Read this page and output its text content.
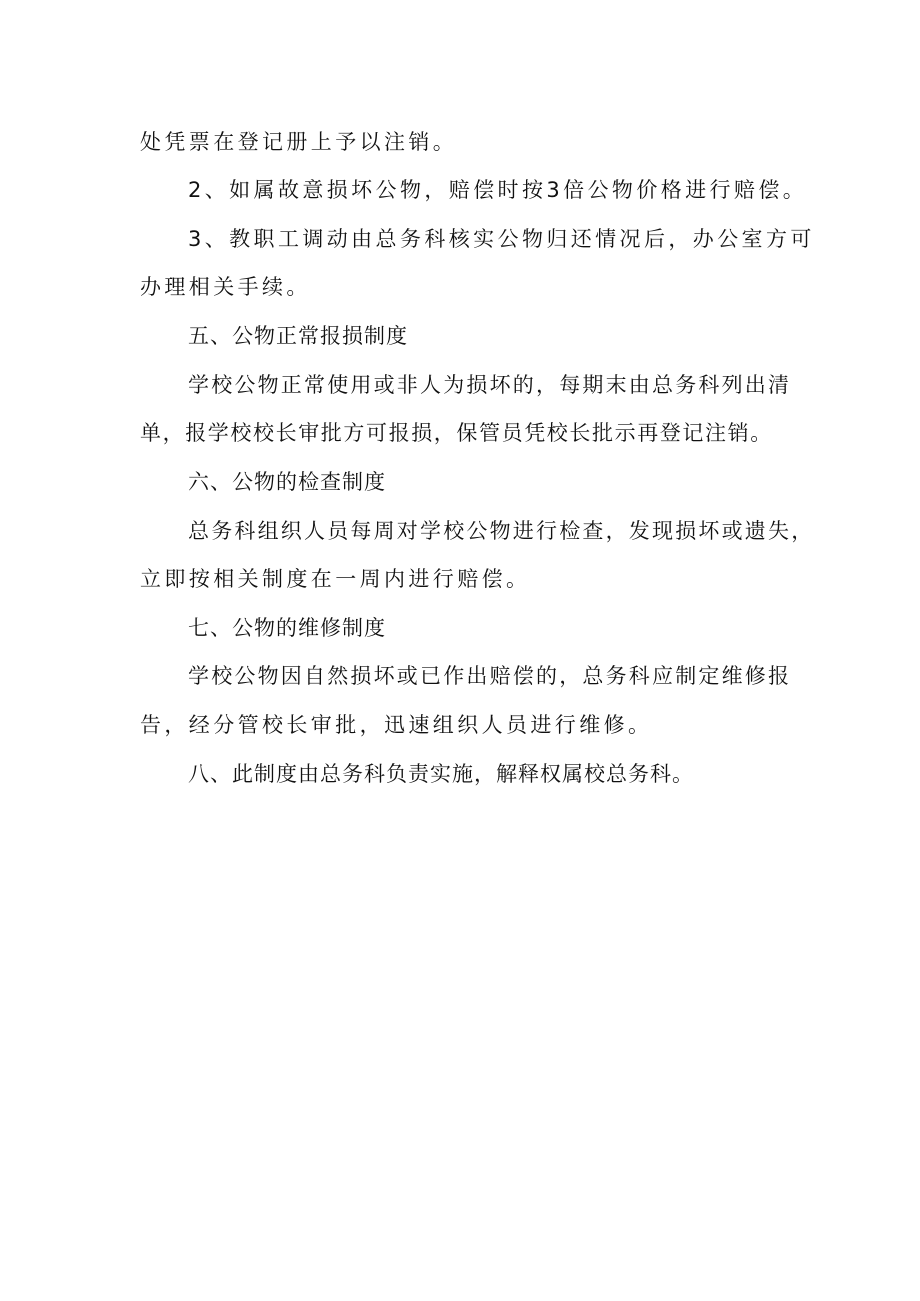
处凭票在登记册上予以注销。
2、如属故意损坏公物，赔偿时按3倍公物价格进行赔偿。
3、教职工调动由总务科核实公物归还情况后，办公室方可
办理相关手续。
五、公物正常报损制度
学校公物正常使用或非人为损坏的，每期末由总务科列出清
单，报学校校长审批方可报损，保管员凭校长批示再登记注销。
六、公物的检查制度
总务科组织人员每周对学校公物进行检查，发现损坏或遗失，
立即按相关制度在一周内进行赔偿。
七、公物的维修制度
学校公物因自然损坏或已作出赔偿的，总务科应制定维修报
告，经分管校长审批，迅速组织人员进行维修。
八、此制度由总务科负责实施，解释权属校总务科。
